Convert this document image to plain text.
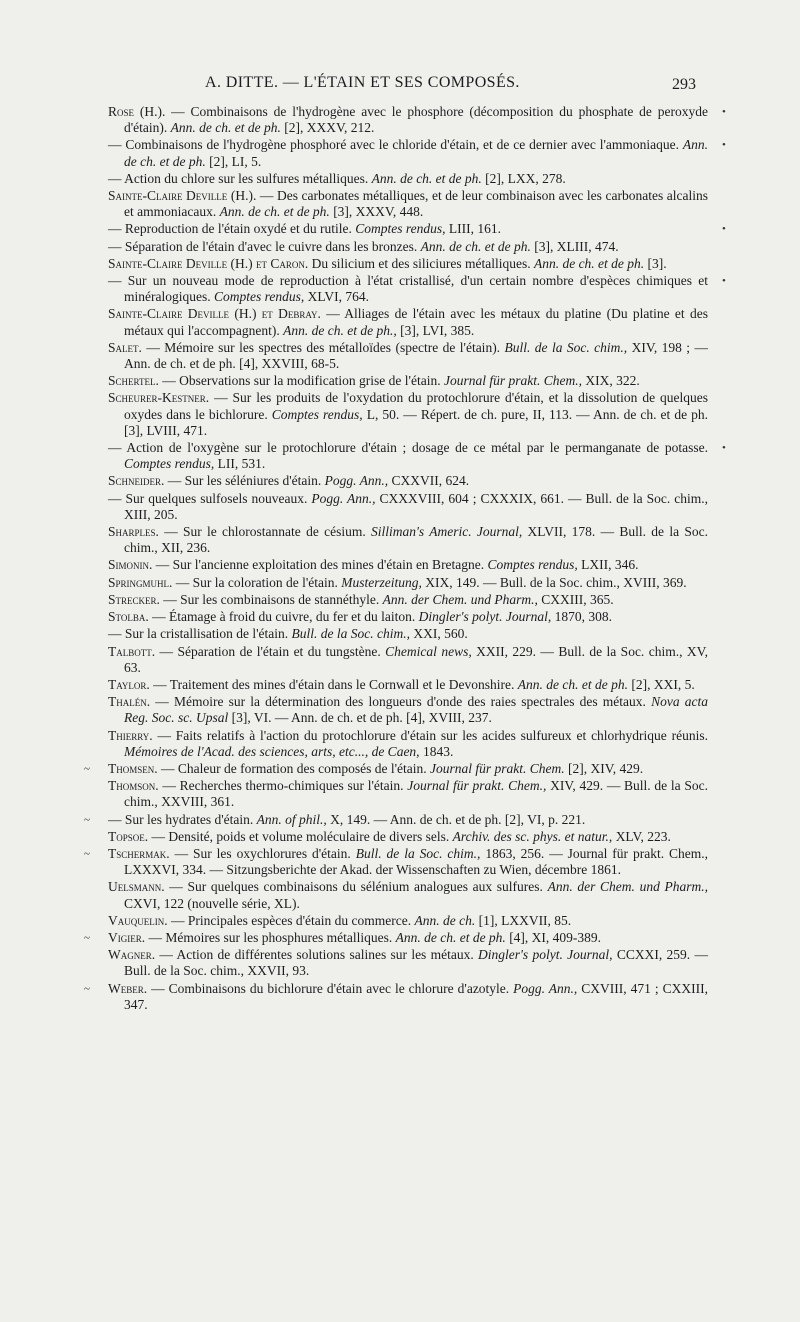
A. DITTE. — L'ÉTAIN ET SES COMPOSÉS.	293

Rose (H.). — Combinaisons de l'hydrogène avec le phosphore (décomposition du phosphate de peroxyde d'étain). Ann. de ch. et de ph. [2], XXXV, 212.

— Combinaisons de l'hydrogène phosphoré avec le chloride d'étain, et de ce dernier avec l'ammoniaque. Ann. de ch. et de ph. [2], LI, 5.

— Action du chlore sur les sulfures métalliques. Ann. de ch. et de ph. [2], LXX, 278.

Sainte-Claire Deville (H.). — Des carbonates métalliques, et de leur combinaison avec les carbonates alcalins et ammoniacaux. Ann. de ch. et de ph. [3], XXXV, 448.

— Reproduction de l'étain oxydé et du rutile. Comptes rendus, LIII, 161.

— Séparation de l'étain d'avec le cuivre dans les bronzes. Ann. de ch. et de ph. [3], XLIII, 474.

Sainte-Claire Deville (H.) et Caron. Du silicium et des siliciures métalliques. Ann. de ch. et de ph. [3].

— Sur un nouveau mode de reproduction à l'état cristallisé, d'un certain nombre d'espèces chimiques et minéralogiques. Comptes rendus, XLVI, 764.

Sainte-Claire Deville (H.) et Debray. — Alliages de l'étain avec les métaux du platine (Du platine et des métaux qui l'accompagnent). Ann. de ch. et de ph., [3], LVI, 385.

Salet. — Mémoire sur les spectres des métalloïdes (spectre de l'étain). Bull. de la Soc. chim., XIV, 198 ; — Ann. de ch. et de ph. [4], XXVIII, 68-5.

Schertel. — Observations sur la modification grise de l'étain. Journal für prakt. Chem., XIX, 322.

Scheurer-Kestner. — Sur les produits de l'oxydation du protochlorure d'étain, et la dissolution de quelques oxydes dans le bichlorure. Comptes rendus, L, 50. — Répert. de ch. pure, II, 113. — Ann. de ch. et de ph. [3], LVIII, 471.

— Action de l'oxygène sur le protochlorure d'étain ; dosage de ce métal par le permanganate de potasse. Comptes rendus, LII, 531.

Schneider. — Sur les séléniures d'étain. Pogg. Ann., CXXVII, 624.

— Sur quelques sulfosels nouveaux. Pogg. Ann., CXXXVIII, 604 ; CXXXIX, 661. — Bull. de la Soc. chim., XIII, 205.

Sharples. — Sur le chlorostannate de césium. Silliman's Americ. Journal, XLVII, 178. — Bull. de la Soc. chim., XII, 236.

Simonin. — Sur l'ancienne exploitation des mines d'étain en Bretagne. Comptes rendus, LXII, 346.

Springmuhl. — Sur la coloration de l'étain. Musterzeitung, XIX, 149. — Bull. de la Soc. chim., XVIII, 369.

Strecker. — Sur les combinaisons de stannéthyle. Ann. der Chem. und Pharm., CXXIII, 365.

Stolba. — Étamage à froid du cuivre, du fer et du laiton. Dingler's polyt. Journal, 1870, 308.

— Sur la cristallisation de l'étain. Bull. de la Soc. chim., XXI, 560.

Talbott. — Séparation de l'étain et du tungstène. Chemical news, XXII, 229. — Bull. de la Soc. chim., XV, 63.

Taylor. — Traitement des mines d'étain dans le Cornwall et le Devonshire. Ann. de ch. et de ph. [2], XXI, 5.

Thalén. — Mémoire sur la détermination des longueurs d'onde des raies spectrales des métaux. Nova acta Reg. Soc. sc. Upsal [3], VI. — Ann. de ch. et de ph. [4], XVIII, 237.

Thierry. — Faits relatifs à l'action du protochlorure d'étain sur les acides sulfureux et chlorhydrique réunis. Mémoires de l'Acad. des sciences, arts, etc..., de Caen, 1843.

Thomsen. — Chaleur de formation des composés de l'étain. Journal für prakt. Chem. [2], XIV, 429.

Thomson. — Recherches thermo-chimiques sur l'étain. Journal für prakt. Chem., XIV, 429. — Bull. de la Soc. chim., XXVIII, 361.

— Sur les hydrates d'étain. Ann. of phil., X, 149. — Ann. de ch. et de ph. [2], VI, p. 221.

Topsoe. — Densité, poids et volume moléculaire de divers sels. Archiv. des sc. phys. et natur., XLV, 223.

Tschermak. — Sur les oxychlorures d'étain. Bull. de la Soc. chim., 1863, 256. — Journal für prakt. Chem., LXXXVI, 334. — Sitzungsberichte der Akad. der Wissenschaften zu Wien, décembre 1861.

Uelsmann. — Sur quelques combinaisons du sélénium analogues aux sulfures. Ann. der Chem. und Pharm., CXVI, 122 (nouvelle série, XL).

Vauquelin. — Principales espèces d'étain du commerce. Ann. de ch. [1], LXXVII, 85.

Vigier. — Mémoires sur les phosphures métalliques. Ann. de ch. et de ph. [4], XI, 409-389.

Wagner. — Action de différentes solutions salines sur les métaux. Dingler's polyt. Journal, CCXXI, 259. — Bull. de la Soc. chim., XXVII, 93.

Weber. — Combinaisons du bichlorure d'étain avec le chlorure d'azotyle. Pogg. Ann., CXVIII, 471 ; CXXIII, 347.

•
•
•
•
•
~
~
~
~
~
